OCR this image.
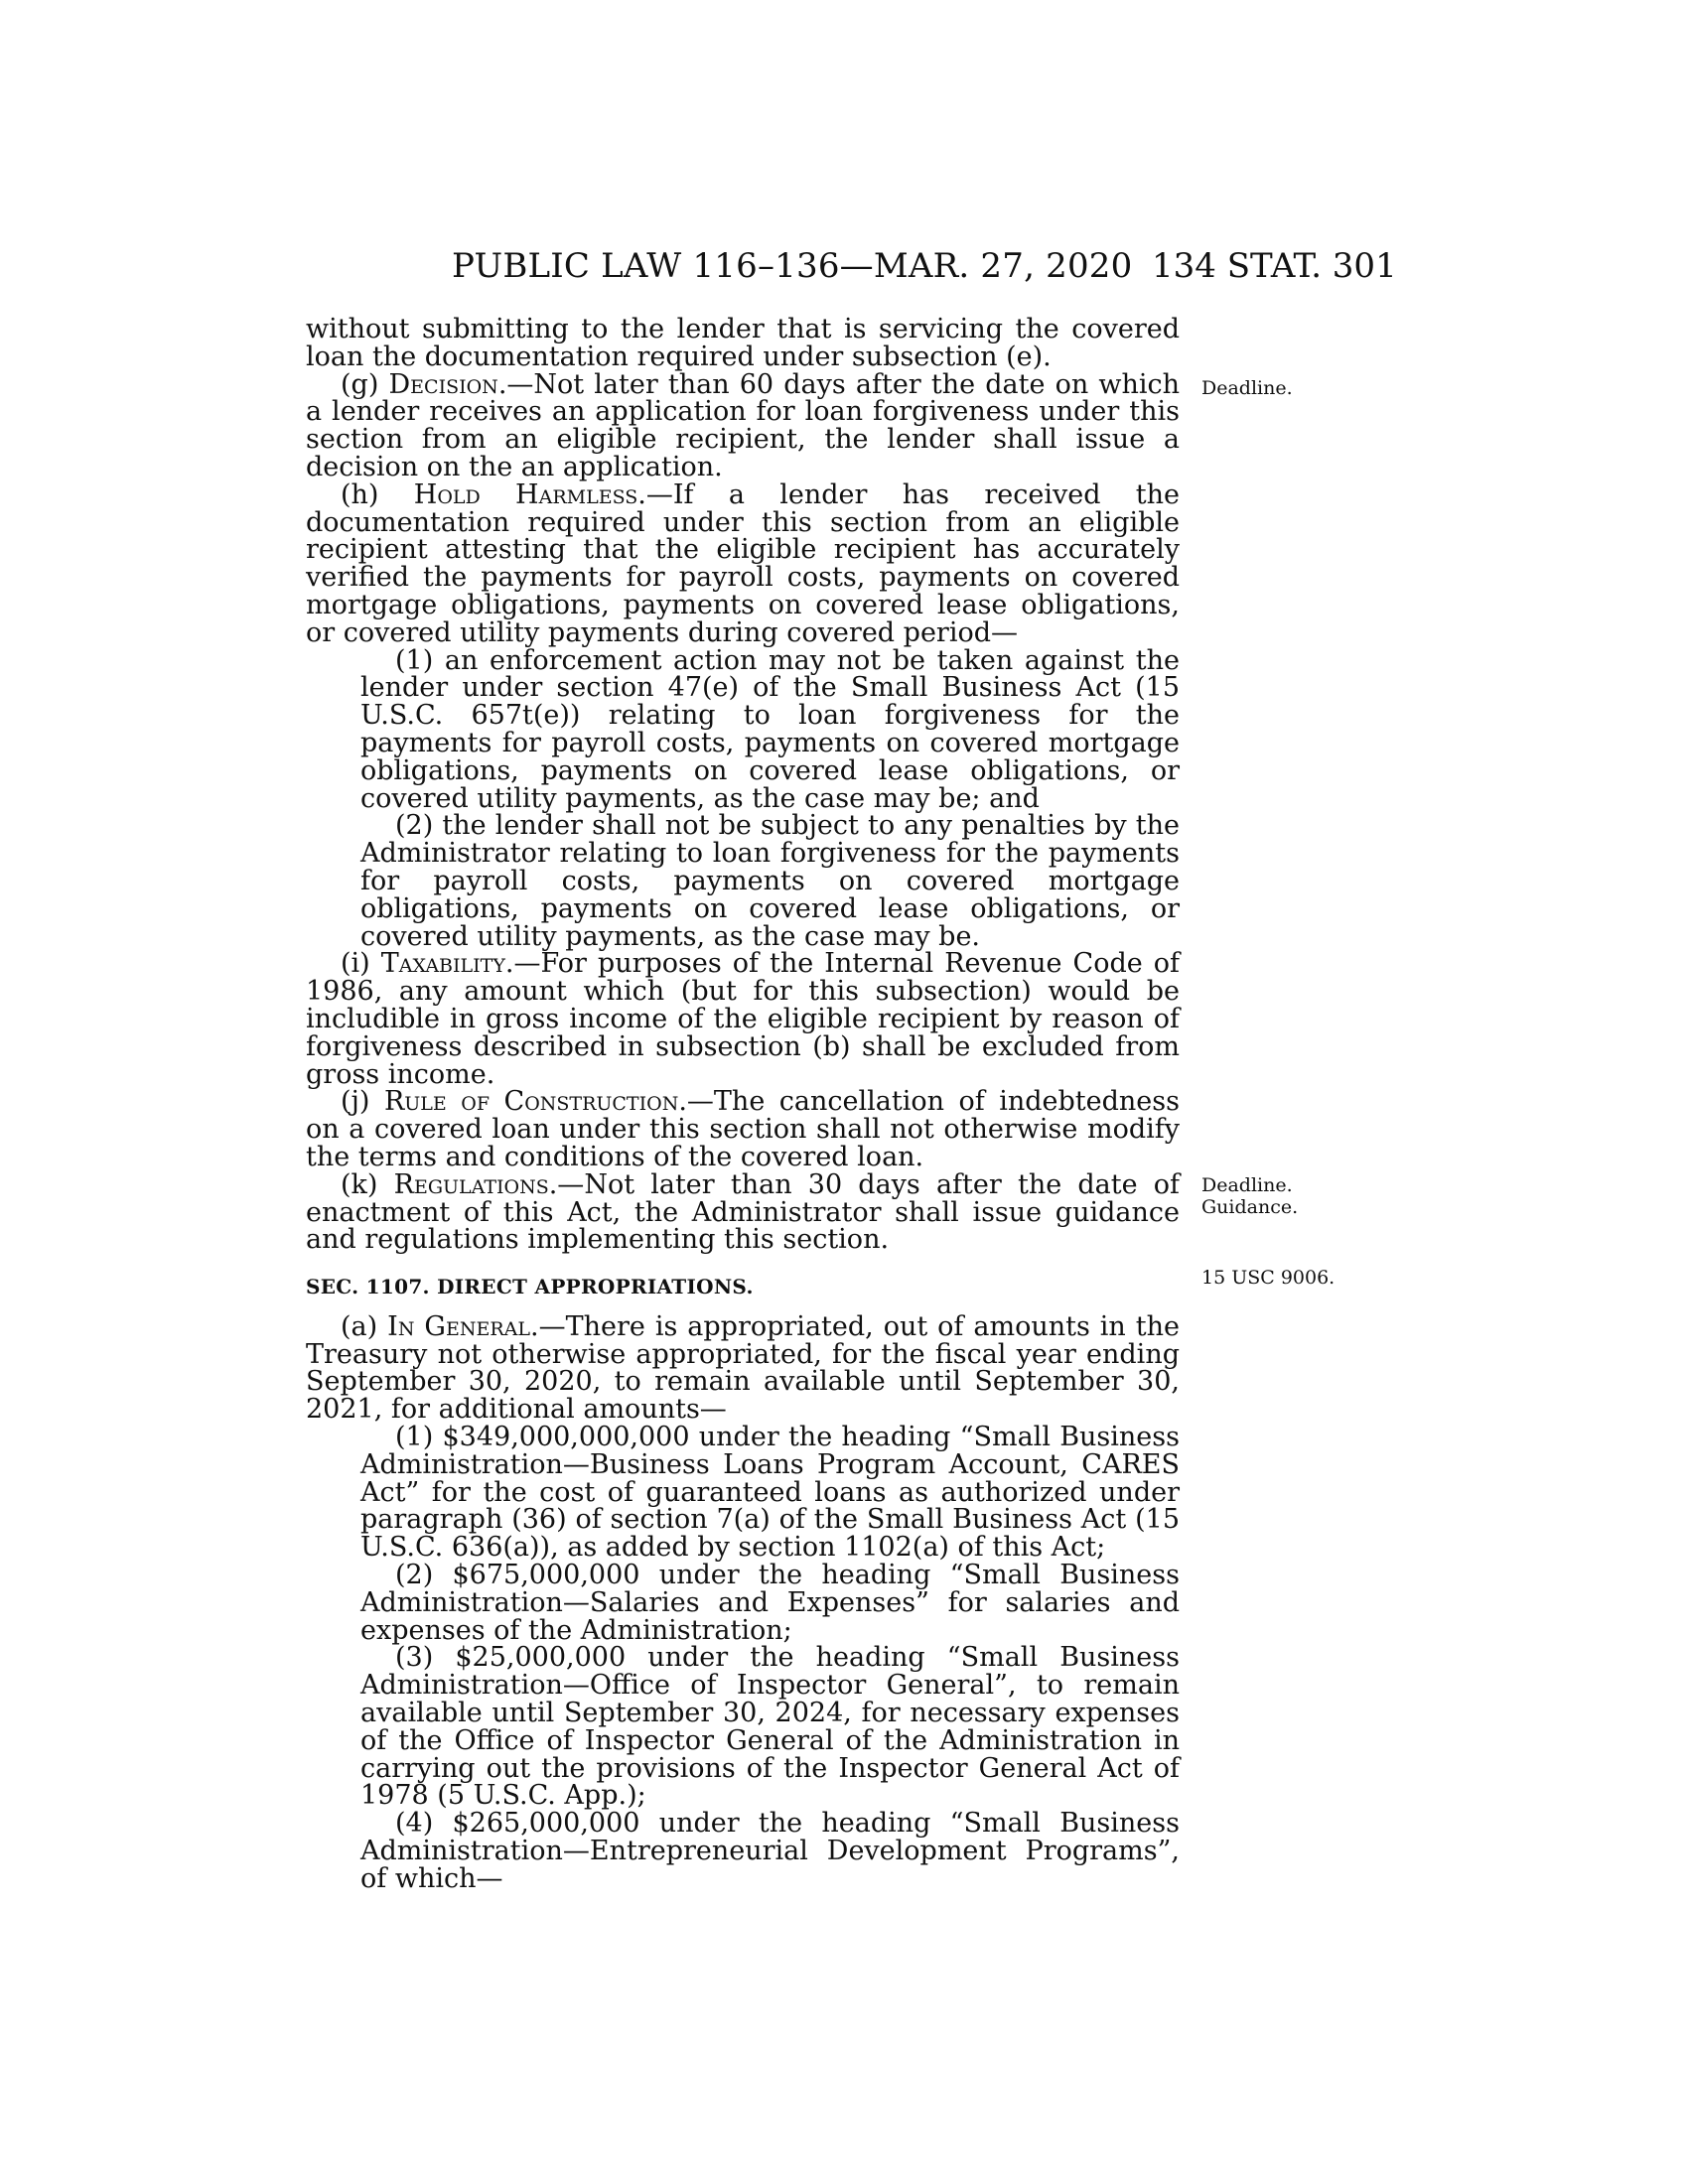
PUBLIC LAW 116–136—MAR. 27, 2020 134 STAT. 301
Deadline.
Deadline.
Guidance.
15 USC 9006.

without submitting to the lender that is servicing the covered loan the documentation required under subsection (e).

(g) Decision.—Not later than 60 days after the date on which a lender receives an application for loan forgiveness under this section from an eligible recipient, the lender shall issue a decision on the an application.

(h) Hold Harmless.—If a lender has received the documentation required under this section from an eligible recipient attesting that the eligible recipient has accurately verified the payments for payroll costs, payments on covered mortgage obligations, payments on covered lease obligations, or covered utility payments during covered period—

(1) an enforcement action may not be taken against the lender under section 47(e) of the Small Business Act (15 U.S.C. 657t(e)) relating to loan forgiveness for the payments for payroll costs, payments on covered mortgage obligations, payments on covered lease obligations, or covered utility payments, as the case may be; and

(2) the lender shall not be subject to any penalties by the Administrator relating to loan forgiveness for the payments for payroll costs, payments on covered mortgage obligations, payments on covered lease obligations, or covered utility payments, as the case may be.

(i) Taxability.—For purposes of the Internal Revenue Code of 1986, any amount which (but for this subsection) would be includible in gross income of the eligible recipient by reason of forgiveness described in subsection (b) shall be excluded from gross income.

(j) Rule of Construction.—The cancellation of indebtedness on a covered loan under this section shall not otherwise modify the terms and conditions of the covered loan.

(k) Regulations.—Not later than 30 days after the date of enactment of this Act, the Administrator shall issue guidance and regulations implementing this section.

SEC. 1107. DIRECT APPROPRIATIONS.

(a) In General.—There is appropriated, out of amounts in the Treasury not otherwise appropriated, for the fiscal year ending September 30, 2020, to remain available until September 30, 2021, for additional amounts—

(1) $349,000,000,000 under the heading “Small Business Administration—Business Loans Program Account, CARES Act” for the cost of guaranteed loans as authorized under paragraph (36) of section 7(a) of the Small Business Act (15 U.S.C. 636(a)), as added by section 1102(a) of this Act;

(2) $675,000,000 under the heading “Small Business Administration—Salaries and Expenses” for salaries and expenses of the Administration;

(3) $25,000,000 under the heading “Small Business Administration—Office of Inspector General”, to remain available until September 30, 2024, for necessary expenses of the Office of Inspector General of the Administration in carrying out the provisions of the Inspector General Act of 1978 (5 U.S.C. App.);

(4) $265,000,000 under the heading “Small Business Administration—Entrepreneurial Development Programs”, of which—
